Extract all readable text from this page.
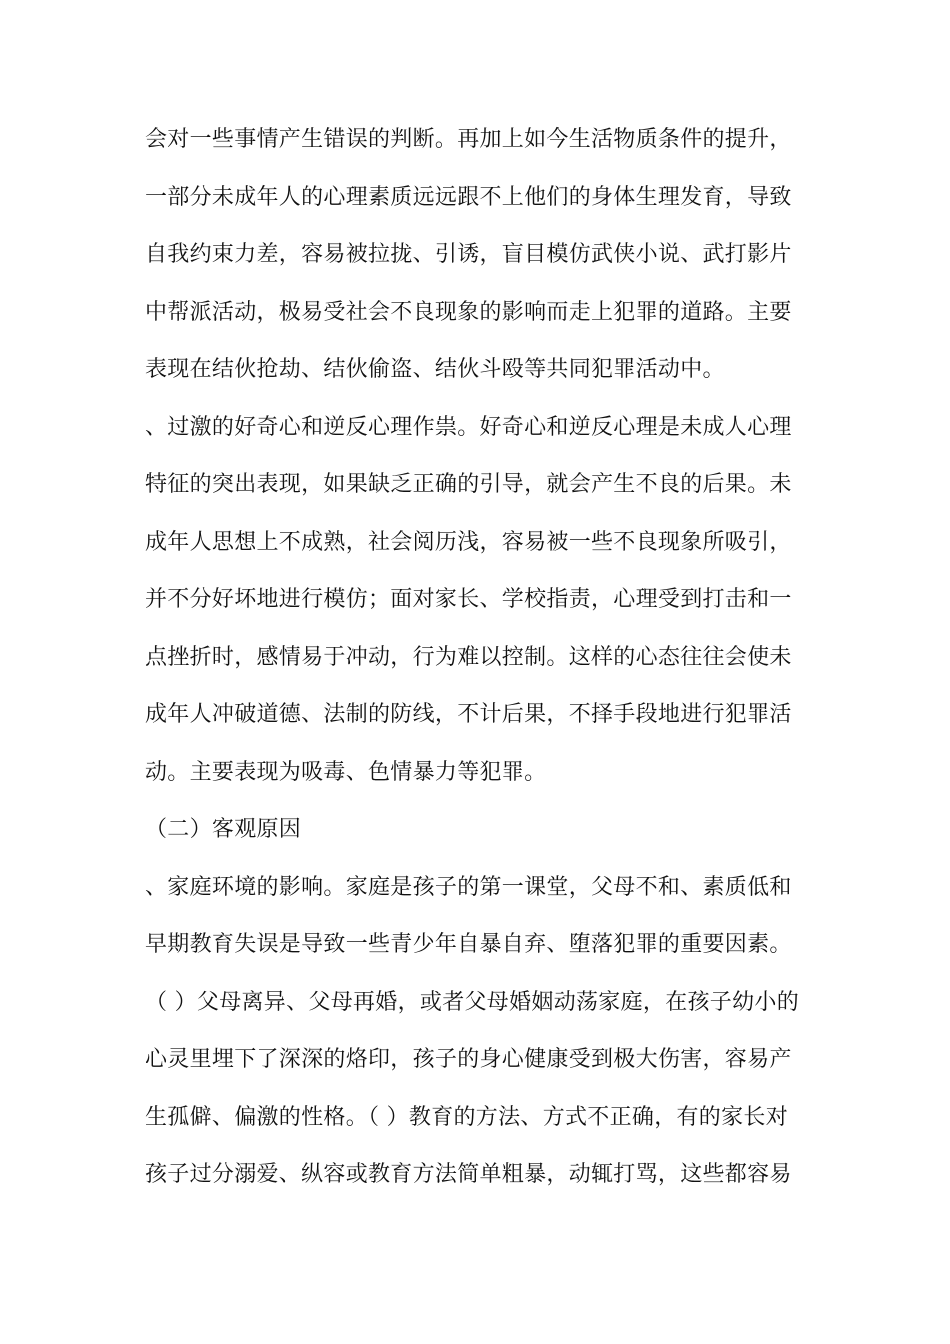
会对一些事情产生错误的判断。再加上如今生活物质条件的提升，
一部分未成年人的心理素质远远跟不上他们的身体生理发育，导致
自我约束力差，容易被拉拢、引诱，盲目模仿武侠小说、武打影片
中帮派活动，极易受社会不良现象的影响而走上犯罪的道路。主要
表现在结伙抢劫、结伙偷盗、结伙斗殴等共同犯罪活动中。
、过激的好奇心和逆反心理作祟。好奇心和逆反心理是未成人心理
特征的突出表现，如果缺乏正确的引导，就会产生不良的后果。未
成年人思想上不成熟，社会阅历浅，容易被一些不良现象所吸引，
并不分好坏地进行模仿；面对家长、学校指责，心理受到打击和一
点挫折时，感情易于冲动，行为难以控制。这样的心态往往会使未
成年人冲破道德、法制的防线，不计后果，不择手段地进行犯罪活
动。主要表现为吸毒、色情暴力等犯罪。
（二）客观原因
、家庭环境的影响。家庭是孩子的第一课堂，父母不和、素质低和
早期教育失误是导致一些青少年自暴自弃、堕落犯罪的重要因素。
（ ）父母离异、父母再婚，或者父母婚姻动荡家庭，在孩子幼小的
心灵里埋下了深深的烙印，孩子的身心健康受到极大伤害，容易产
生孤僻、偏激的性格。（ ）教育的方法、方式不正确，有的家长对
孩子过分溺爱、纵容或教育方法简单粗暴，动辄打骂，这些都容易
